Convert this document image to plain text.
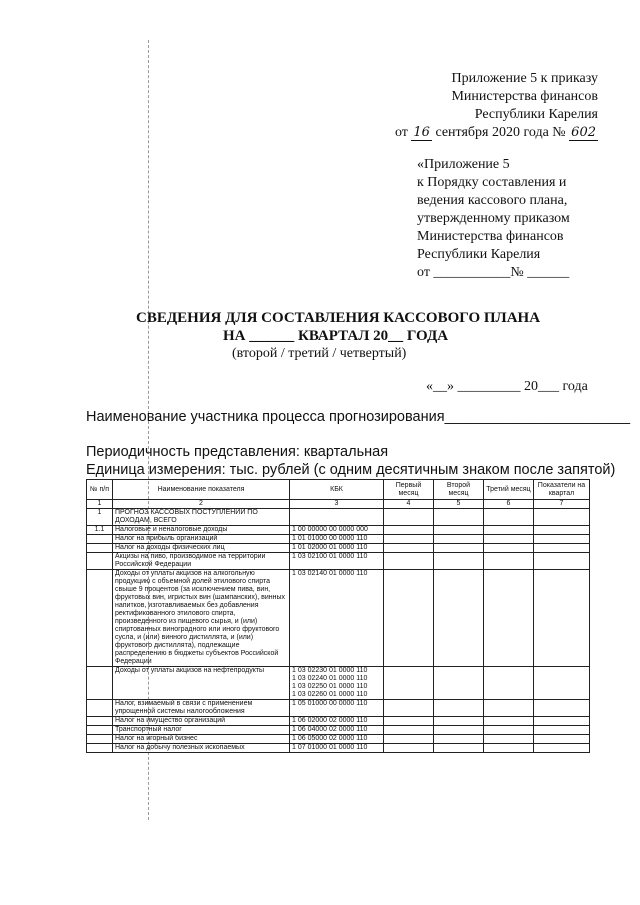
Приложение 5 к приказу
Министерства финансов
Республики Карелия
от 16 сентября 2020 года № 602
«Приложение 5
к Порядку составления и
ведения кассового плана,
утвержденному приказом
Министерства финансов
Республики Карелия
от ___________№ ______
СВЕДЕНИЯ ДЛЯ СОСТАВЛЕНИЯ КАССОВОГО ПЛАНА
НА ______ КВАРТАЛ 20__ ГОДА
(второй / третий / четвертый)
«__» _________ 20___ года
Наименование участника процесса прогнозирования_______________________
Периодичность представления: квартальная
Единица измерения: тыс. рублей (с одним десятичным знаком после запятой)
№ п/п	Наименование показателя	КБК	Первый месяц	Второй месяц	Третий месяц	Показатели на квартал
1	2	3	4	5	6	7
1	ПРОГНОЗ КАССОВЫХ ПОСТУПЛЕНИЙ ПО ДОХОДАМ, ВСЕГО					
1.1	Налоговые и неналоговые доходы	1 00 00000 00 0000 000				
	Налог на прибыль организаций	1 01 01000 00 0000 110				
	Налог на доходы физических лиц	1 01 02000 01 0000 110				
	Акцизы на пиво, производимое на территории Российской Федерации	1 03 02100 01 0000 110				
	Доходы от уплаты акцизов на алкогольную продукцию с объемной долей этилового спирта свыше 9 процентов (за исключением пива, вин, фруктовых вин, игристых вин (шампанских), винных напитков, изготавливаемых без добавления ректификованного этилового спирта, произведенного из пищевого сырья, и (или) спиртованных виноградного или иного фруктового сусла, и (или) винного дистиллята, и (или) фруктового дистиллята), подлежащие распределению в бюджеты субъектов Российской Федерации	1 03 02140 01 0000 110				
	Доходы от уплаты акцизов на нефтепродукты	1 03 02230 01 0000 110
1 03 02240 01 0000 110
1 03 02250 01 0000 110
1 03 02260 01 0000 110				
	Налог, взимаемый в связи с применением упрощенной системы налогообложения	1 05 01000 00 0000 110				
	Налог на имущество организаций	1 06 02000 02 0000 110				
	Транспортный налог	1 06 04000 02 0000 110				
	Налог на игорный бизнес	1 06 05000 02 0000 110				
	Налог на добычу полезных ископаемых	1 07 01000 01 0000 110				
